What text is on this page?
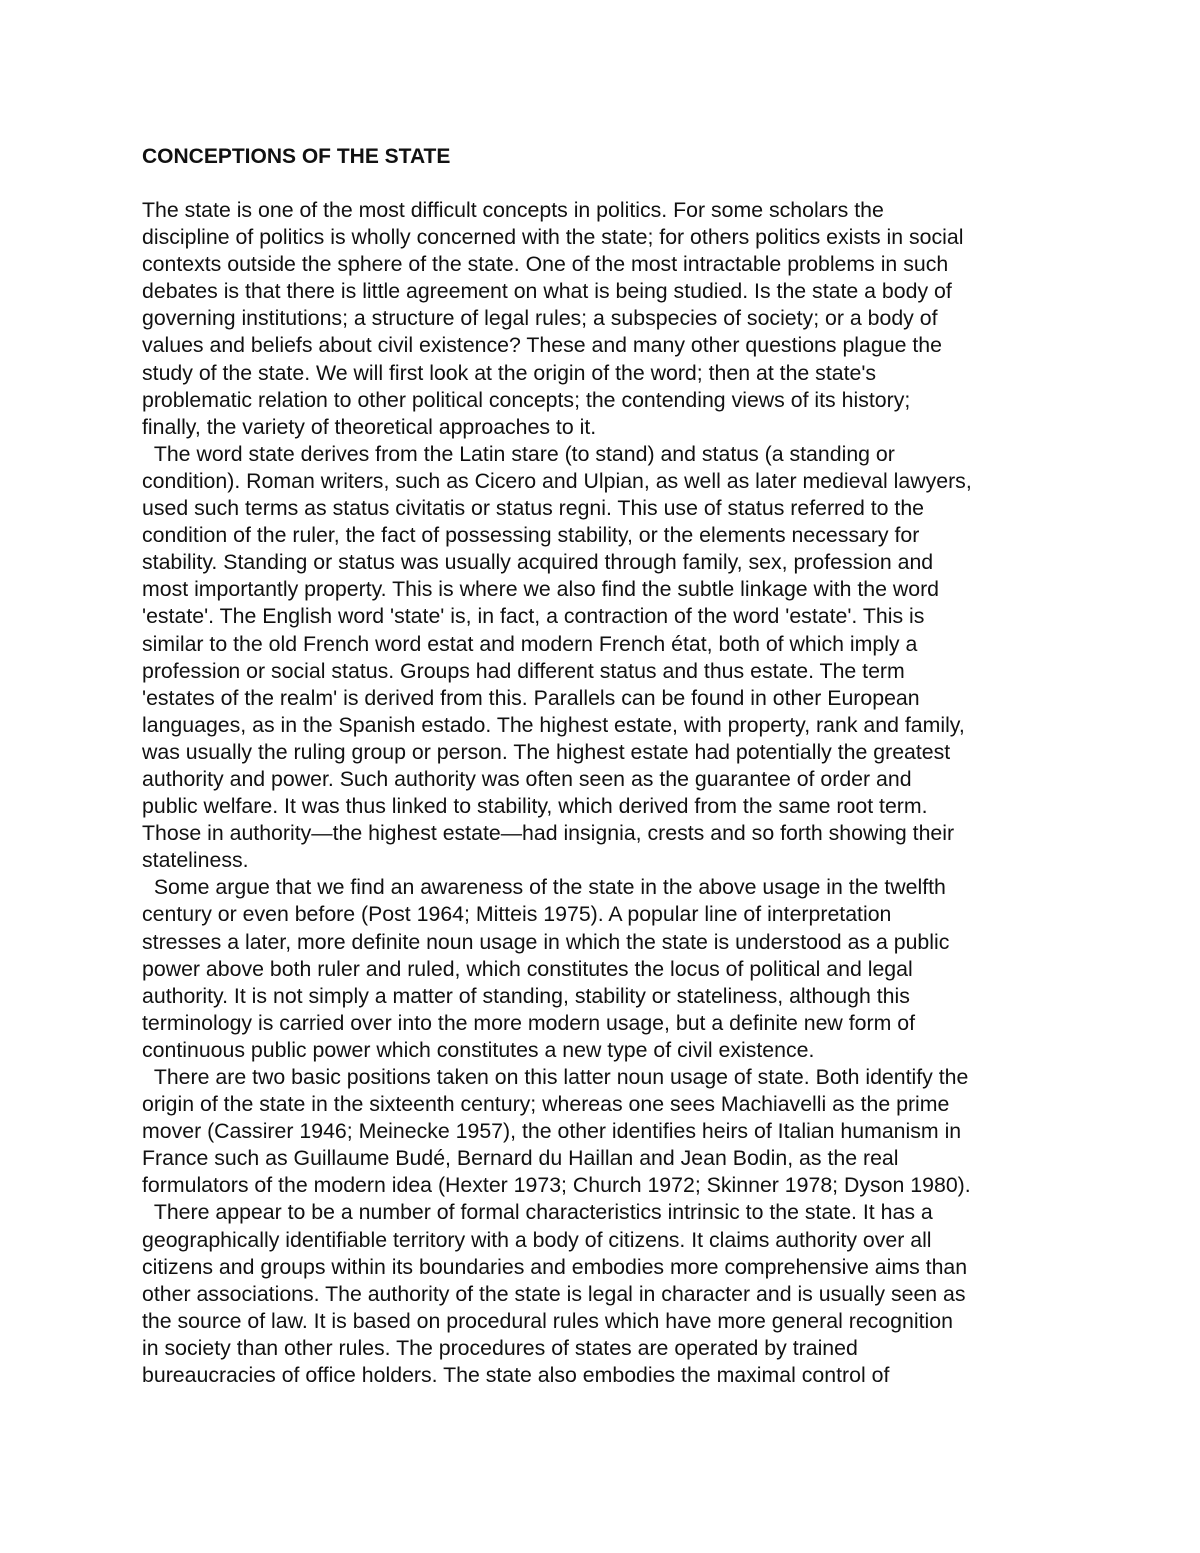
CONCEPTIONS OF THE STATE
The state is one of the most difficult concepts in politics. For some scholars the
discipline of politics is wholly concerned with the state; for others politics exists in social
contexts outside the sphere of the state. One of the most intractable problems in such
debates is that there is little agreement on what is being studied. Is the state a body of
governing institutions; a structure of legal rules; a subspecies of society; or a body of
values and beliefs about civil existence? These and many other questions plague the
study of the state. We will first look at the origin of the word; then at the state's
problematic relation to other political concepts; the contending views of its history;
finally, the variety of theoretical approaches to it.
The word state derives from the Latin stare (to stand) and status (a standing or
condition). Roman writers, such as Cicero and Ulpian, as well as later medieval lawyers,
used such terms as status civitatis or status regni. This use of status referred to the
condition of the ruler, the fact of possessing stability, or the elements necessary for
stability. Standing or status was usually acquired through family, sex, profession and
most importantly property. This is where we also find the subtle linkage with the word
'estate'. The English word 'state' is, in fact, a contraction of the word 'estate'. This is
similar to the old French word estat and modern French état, both of which imply a
profession or social status. Groups had different status and thus estate. The term
'estates of the realm' is derived from this. Parallels can be found in other European
languages, as in the Spanish estado. The highest estate, with property, rank and family,
was usually the ruling group or person. The highest estate had potentially the greatest
authority and power. Such authority was often seen as the guarantee of order and
public welfare. It was thus linked to stability, which derived from the same root term.
Those in authority—the highest estate—had insignia, crests and so forth showing their
stateliness.
Some argue that we find an awareness of the state in the above usage in the twelfth
century or even before (Post 1964; Mitteis 1975). A popular line of interpretation
stresses a later, more definite noun usage in which the state is understood as a public
power above both ruler and ruled, which constitutes the locus of political and legal
authority. It is not simply a matter of standing, stability or stateliness, although this
terminology is carried over into the more modern usage, but a definite new form of
continuous public power which constitutes a new type of civil existence.
There are two basic positions taken on this latter noun usage of state. Both identify the
origin of the state in the sixteenth century; whereas one sees Machiavelli as the prime
mover (Cassirer 1946; Meinecke 1957), the other identifies heirs of Italian humanism in
France such as Guillaume Budé, Bernard du Haillan and Jean Bodin, as the real
formulators of the modern idea (Hexter 1973; Church 1972; Skinner 1978; Dyson 1980).
There appear to be a number of formal characteristics intrinsic to the state. It has a
geographically identifiable territory with a body of citizens. It claims authority over all
citizens and groups within its boundaries and embodies more comprehensive aims than
other associations. The authority of the state is legal in character and is usually seen as
the source of law. It is based on procedural rules which have more general recognition
in society than other rules. The procedures of states are operated by trained
bureaucracies of office holders. The state also embodies the maximal control of
